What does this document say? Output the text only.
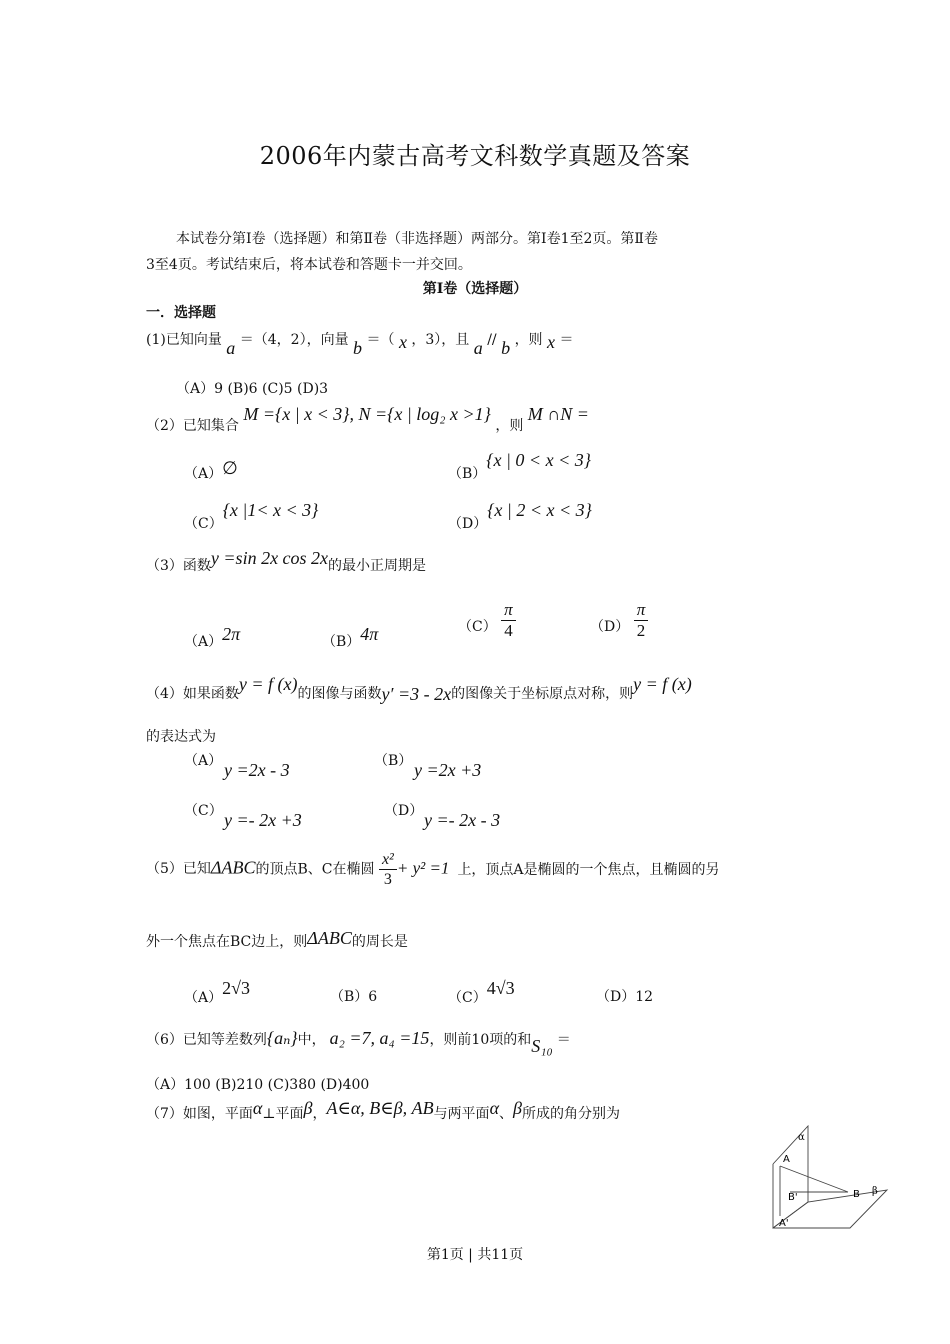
2006年内蒙古高考文科数学真题及答案
本试卷分第Ⅰ卷（选择题）和第Ⅱ卷（非选择题）两部分。第Ⅰ卷1至2页。第Ⅱ卷
3至4页。考试结束后，将本试卷和答题卡一并交回。
第Ⅰ卷（选择题）
一．选择题
(1)已知向量 a ＝（4，2），向量 b ＝（ x ，3），且 a // b ，则 x ＝
（A）9 (B)6 (C)5 (D)3
（2）已知集合 M ={x | x < 3}, N ={x | log₂ x >1} ，则 M ∩N =
（A）∅	（B）{x | 0 < x < 3}
（C）{x |1< x < 3}
（D）{x | 2 < x < 3}
（3）函数y =sin 2x cos 2x的最小正周期是
（A）2π	（B）4π	$(C) \frac{\pi}{4}$	$(D) \frac{\pi}{2}$
（4）如果函数y = f (x)的图像与函数y′ =3 - 2x的图像关于坐标原点对称，则y = f (x)
的表达式为
（A） y =2x - 3	（B） y =2x +3
（C） y =- 2x +3	（D） y =- 2x - 3
（5）已知ΔABC的顶点B、C在椭圆 $\frac{\text{x²}}{3} + y^2 =1$ 上，顶点A是椭圆的一个焦点，且椭圆的另
外一个焦点在BC边上，则ΔABC的周长是
（A）2√3	（B）6	（C）4√3	（D）12
（6）已知等差数列{aₙ}中， a₂ =7, a₄ =15，则前10项的和S₁₀ ＝
（A）100 (B)210 (C)380 (D)400
（7）如图，平面α⊥平面β，A∈α, B∈β, AB与两平面α、β所成的角分别为
α
A
B'	B β
A'
第1页 | 共11页
